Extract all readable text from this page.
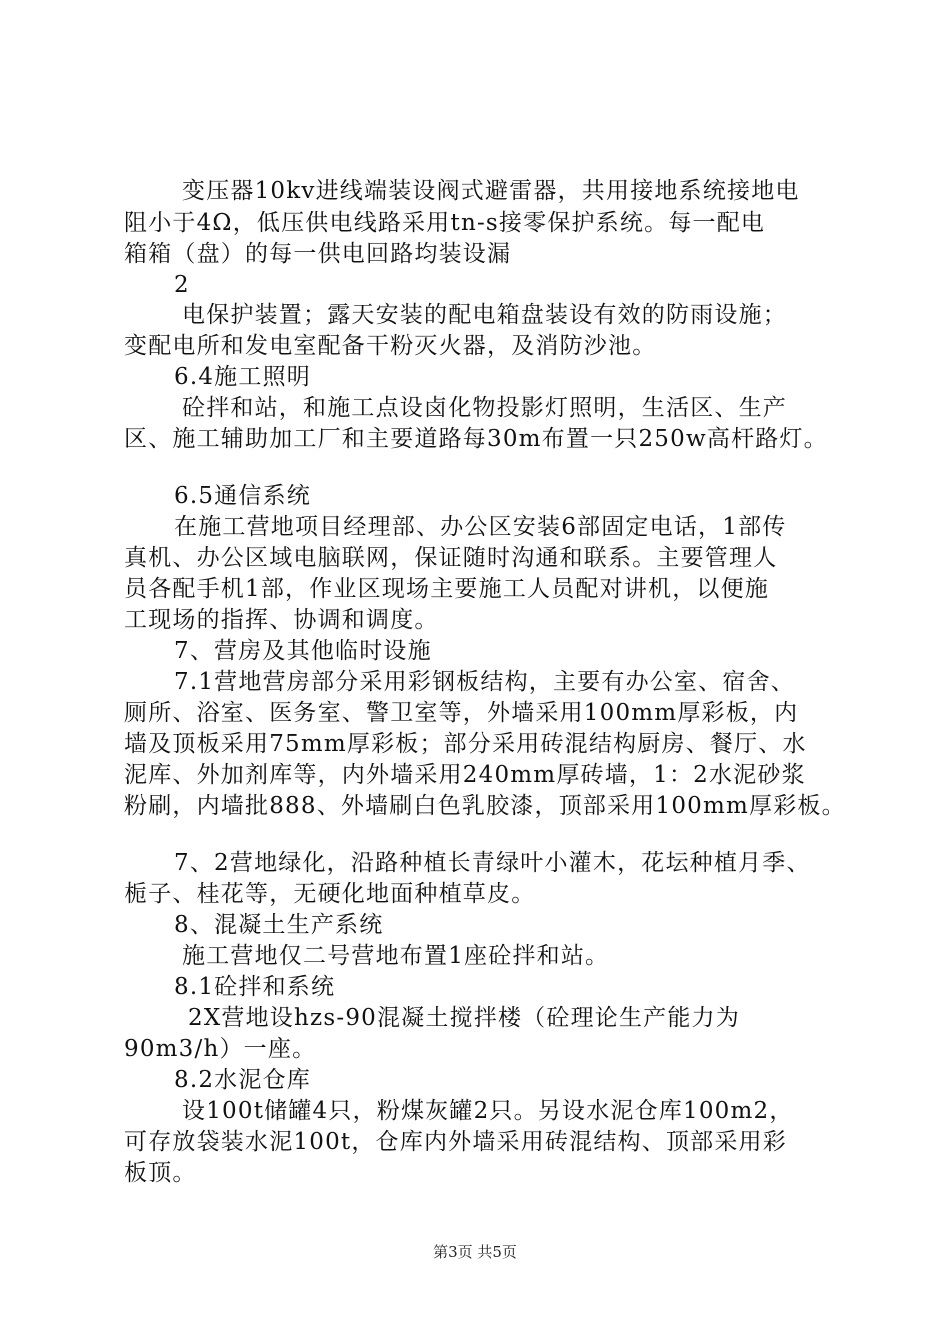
变压器10kv进线端装设阀式避雷器，共用接地系统接地电
阻小于4Ω，低压供电线路采用tn-s接零保护系统。每一配电
箱箱（盘）的每一供电回路均装设漏
2
电保护装置；露天安装的配电箱盘装设有效的防雨设施；
变配电所和发电室配备干粉灭火器，及消防沙池。
6.4施工照明
砼拌和站，和施工点设卤化物投影灯照明，生活区、生产
区、施工辅助加工厂和主要道路每30m布置一只250w高杆路灯。
6.5通信系统
在施工营地项目经理部、办公区安装6部固定电话，1部传
真机、办公区域电脑联网，保证随时沟通和联系。主要管理人
员各配手机1部，作业区现场主要施工人员配对讲机，以便施
工现场的指挥、协调和调度。
7、营房及其他临时设施
7.1营地营房部分采用彩钢板结构，主要有办公室、宿舍、
厕所、浴室、医务室、警卫室等，外墙采用100mm厚彩板，内
墙及顶板采用75mm厚彩板；部分采用砖混结构厨房、餐厅、水
泥库、外加剂库等，内外墙采用240mm厚砖墙，1：2水泥砂浆
粉刷，内墙批888、外墙刷白色乳胶漆，顶部采用100mm厚彩板。
7、2营地绿化，沿路种植长青绿叶小灌木，花坛种植月季、
栀子、桂花等，无硬化地面种植草皮。
8、混凝土生产系统
施工营地仅二号营地布置1座砼拌和站。
8.1砼拌和系统
2X营地设hzs-90混凝土搅拌楼（砼理论生产能力为
90m3/h）一座。
8.2水泥仓库
设100t储罐4只，粉煤灰罐2只。另设水泥仓库100m2，
可存放袋装水泥100t，仓库内外墙采用砖混结构、顶部采用彩
板顶。
第3页 共5页
